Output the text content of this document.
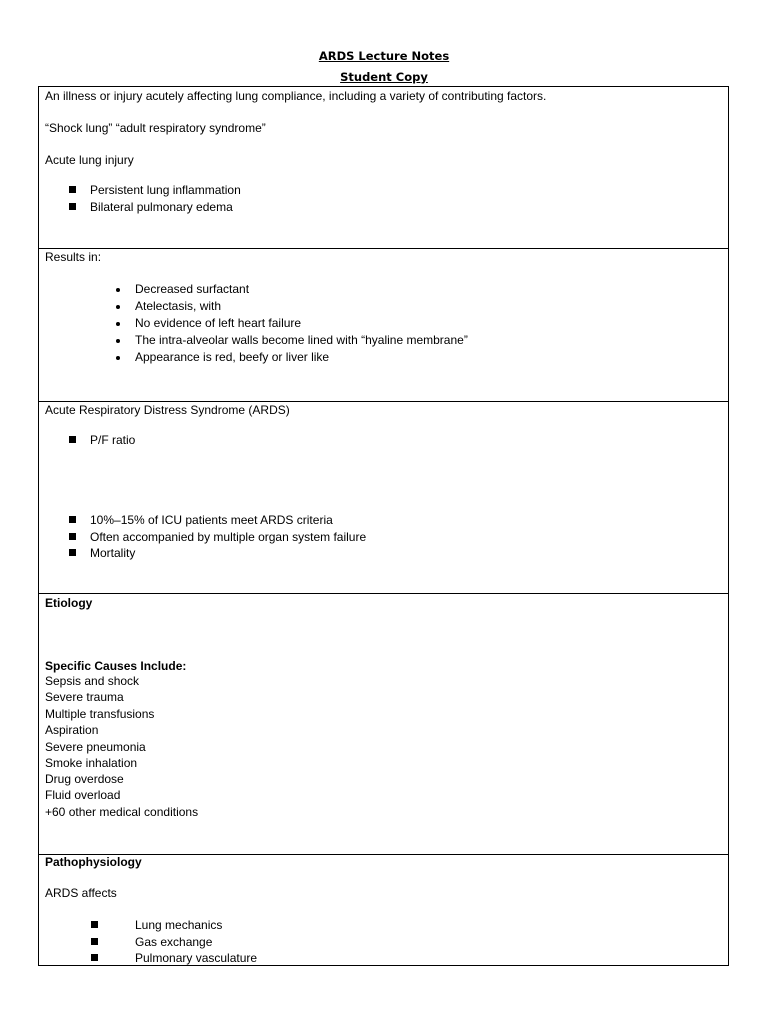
ARDS Lecture Notes
Student Copy
An illness or injury acutely affecting lung compliance, including a variety of contributing factors.
“Shock lung” “adult respiratory syndrome”
Acute lung injury
Persistent lung inflammation
Bilateral pulmonary edema
Results in:
Decreased surfactant
Atelectasis, with
No evidence of left heart failure
The intra-alveolar walls become lined with “hyaline membrane”
Appearance is red, beefy or liver like
Acute Respiratory Distress Syndrome (ARDS)
P/F ratio
10%–15% of ICU patients meet ARDS criteria
Often accompanied by multiple organ system failure
Mortality
Etiology
Specific Causes Include:
Sepsis and shock
Severe trauma
Multiple transfusions
Aspiration
Severe pneumonia
Smoke inhalation
Drug overdose
Fluid overload
+60 other medical conditions
Pathophysiology
ARDS affects
Lung mechanics
Gas exchange
Pulmonary vasculature
